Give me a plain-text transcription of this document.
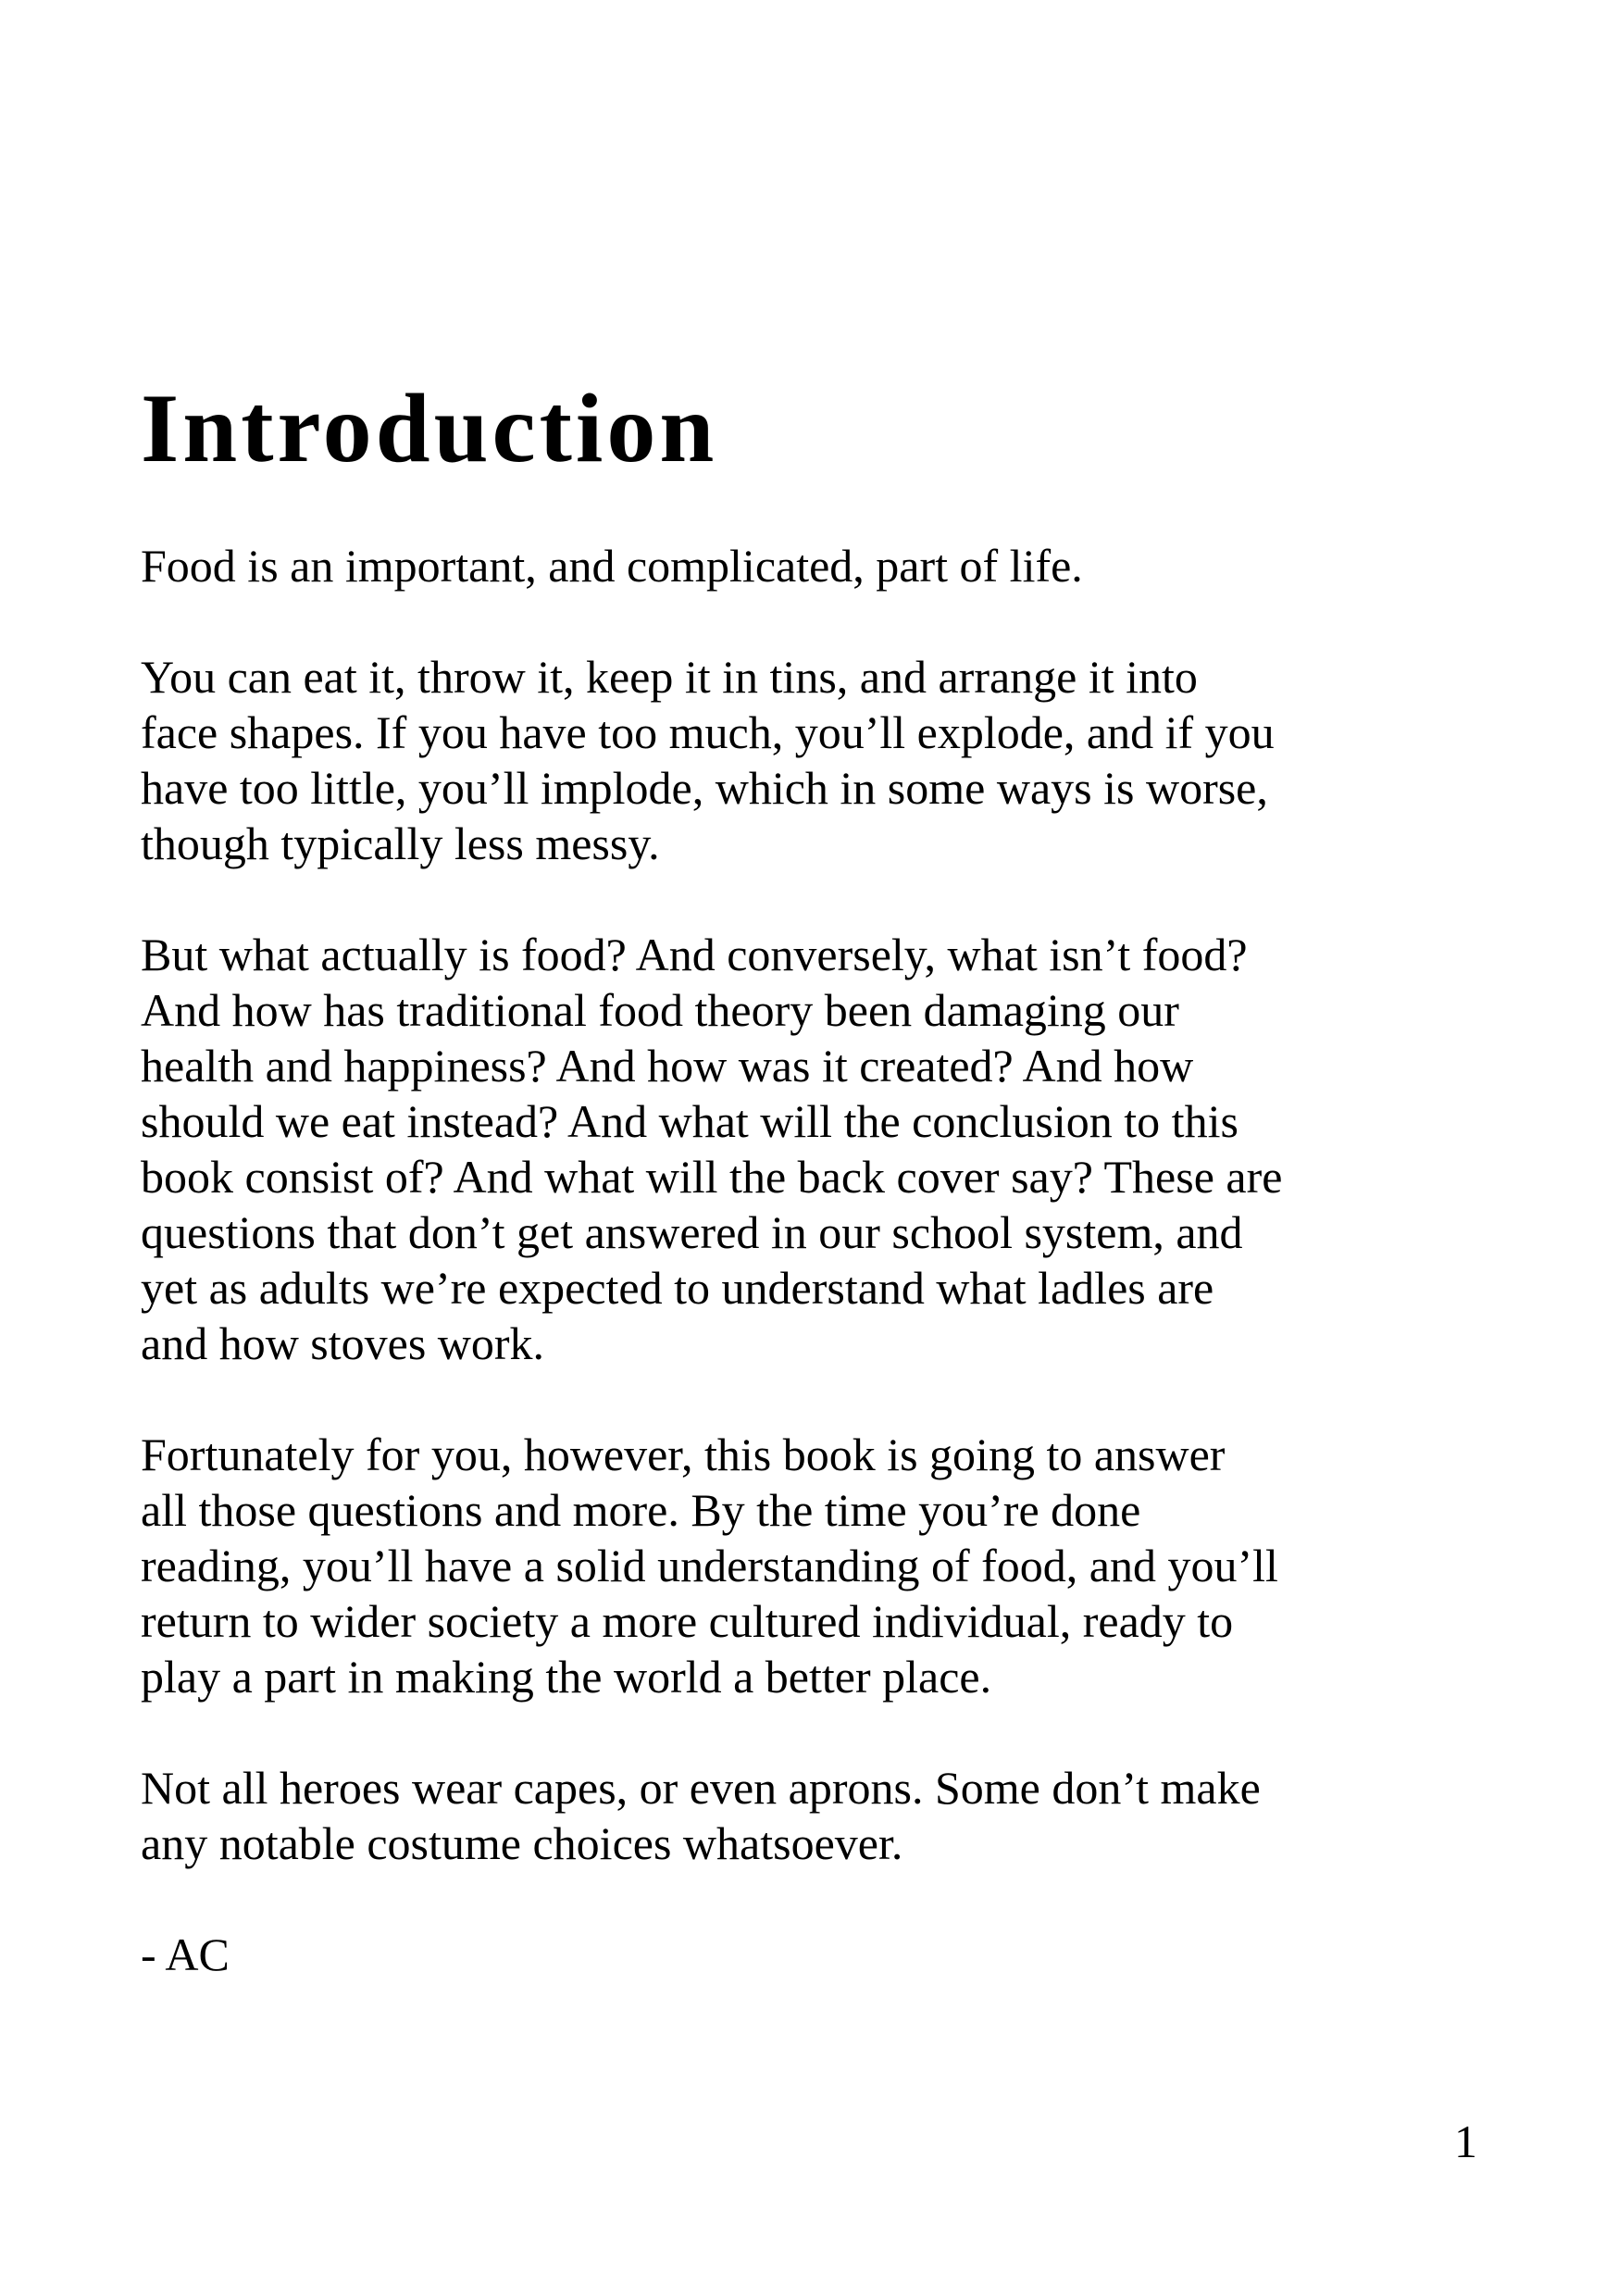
Introduction
Food is an important, and complicated, part of life.
You can eat it, throw it, keep it in tins, and arrange it into
face shapes. If you have too much, you’ll explode, and if you
have too little, you’ll implode, which in some ways is worse,
though typically less messy.
But what actually is food? And conversely, what isn’t food?
And how has traditional food theory been damaging our
health and happiness? And how was it created? And how
should we eat instead? And what will the conclusion to this
book consist of? And what will the back cover say? These are
questions that don’t get answered in our school system, and
yet as adults we’re expected to understand what ladles are
and how stoves work.
Fortunately for you, however, this book is going to answer
all those questions and more. By the time you’re done
reading, you’ll have a solid understanding of food, and you’ll
return to wider society a more cultured individual, ready to
play a part in making the world a better place.
Not all heroes wear capes, or even aprons. Some don’t make
any notable costume choices whatsoever.
- AC
1
